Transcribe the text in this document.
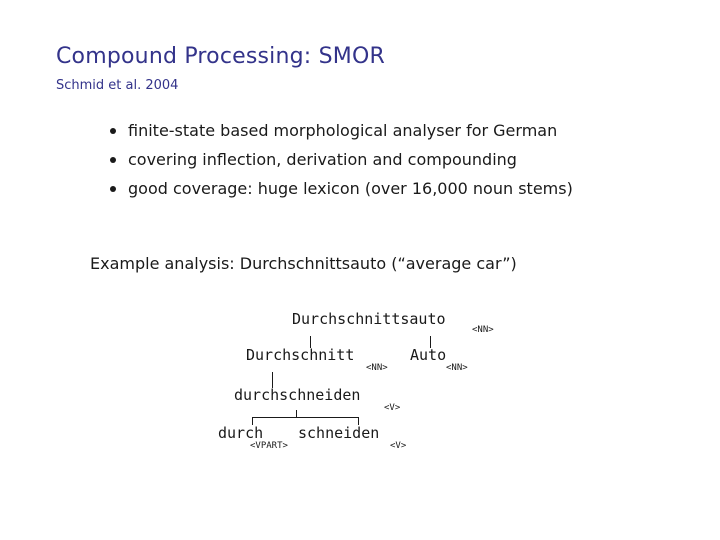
Compound Processing: SMOR
Schmid et al. 2004
finite-state based morphological analyser for German
covering inflection, derivation and compounding
good coverage: huge lexicon (over 16,000 noun stems)
Example analysis: Durchschnittsauto (“average car”)
Durchschnittsauto
<NN>
Durchschnitt
<NN>
Auto
<NN>
durchschneiden
<V>
durch
<VPART>
schneiden
<V>
